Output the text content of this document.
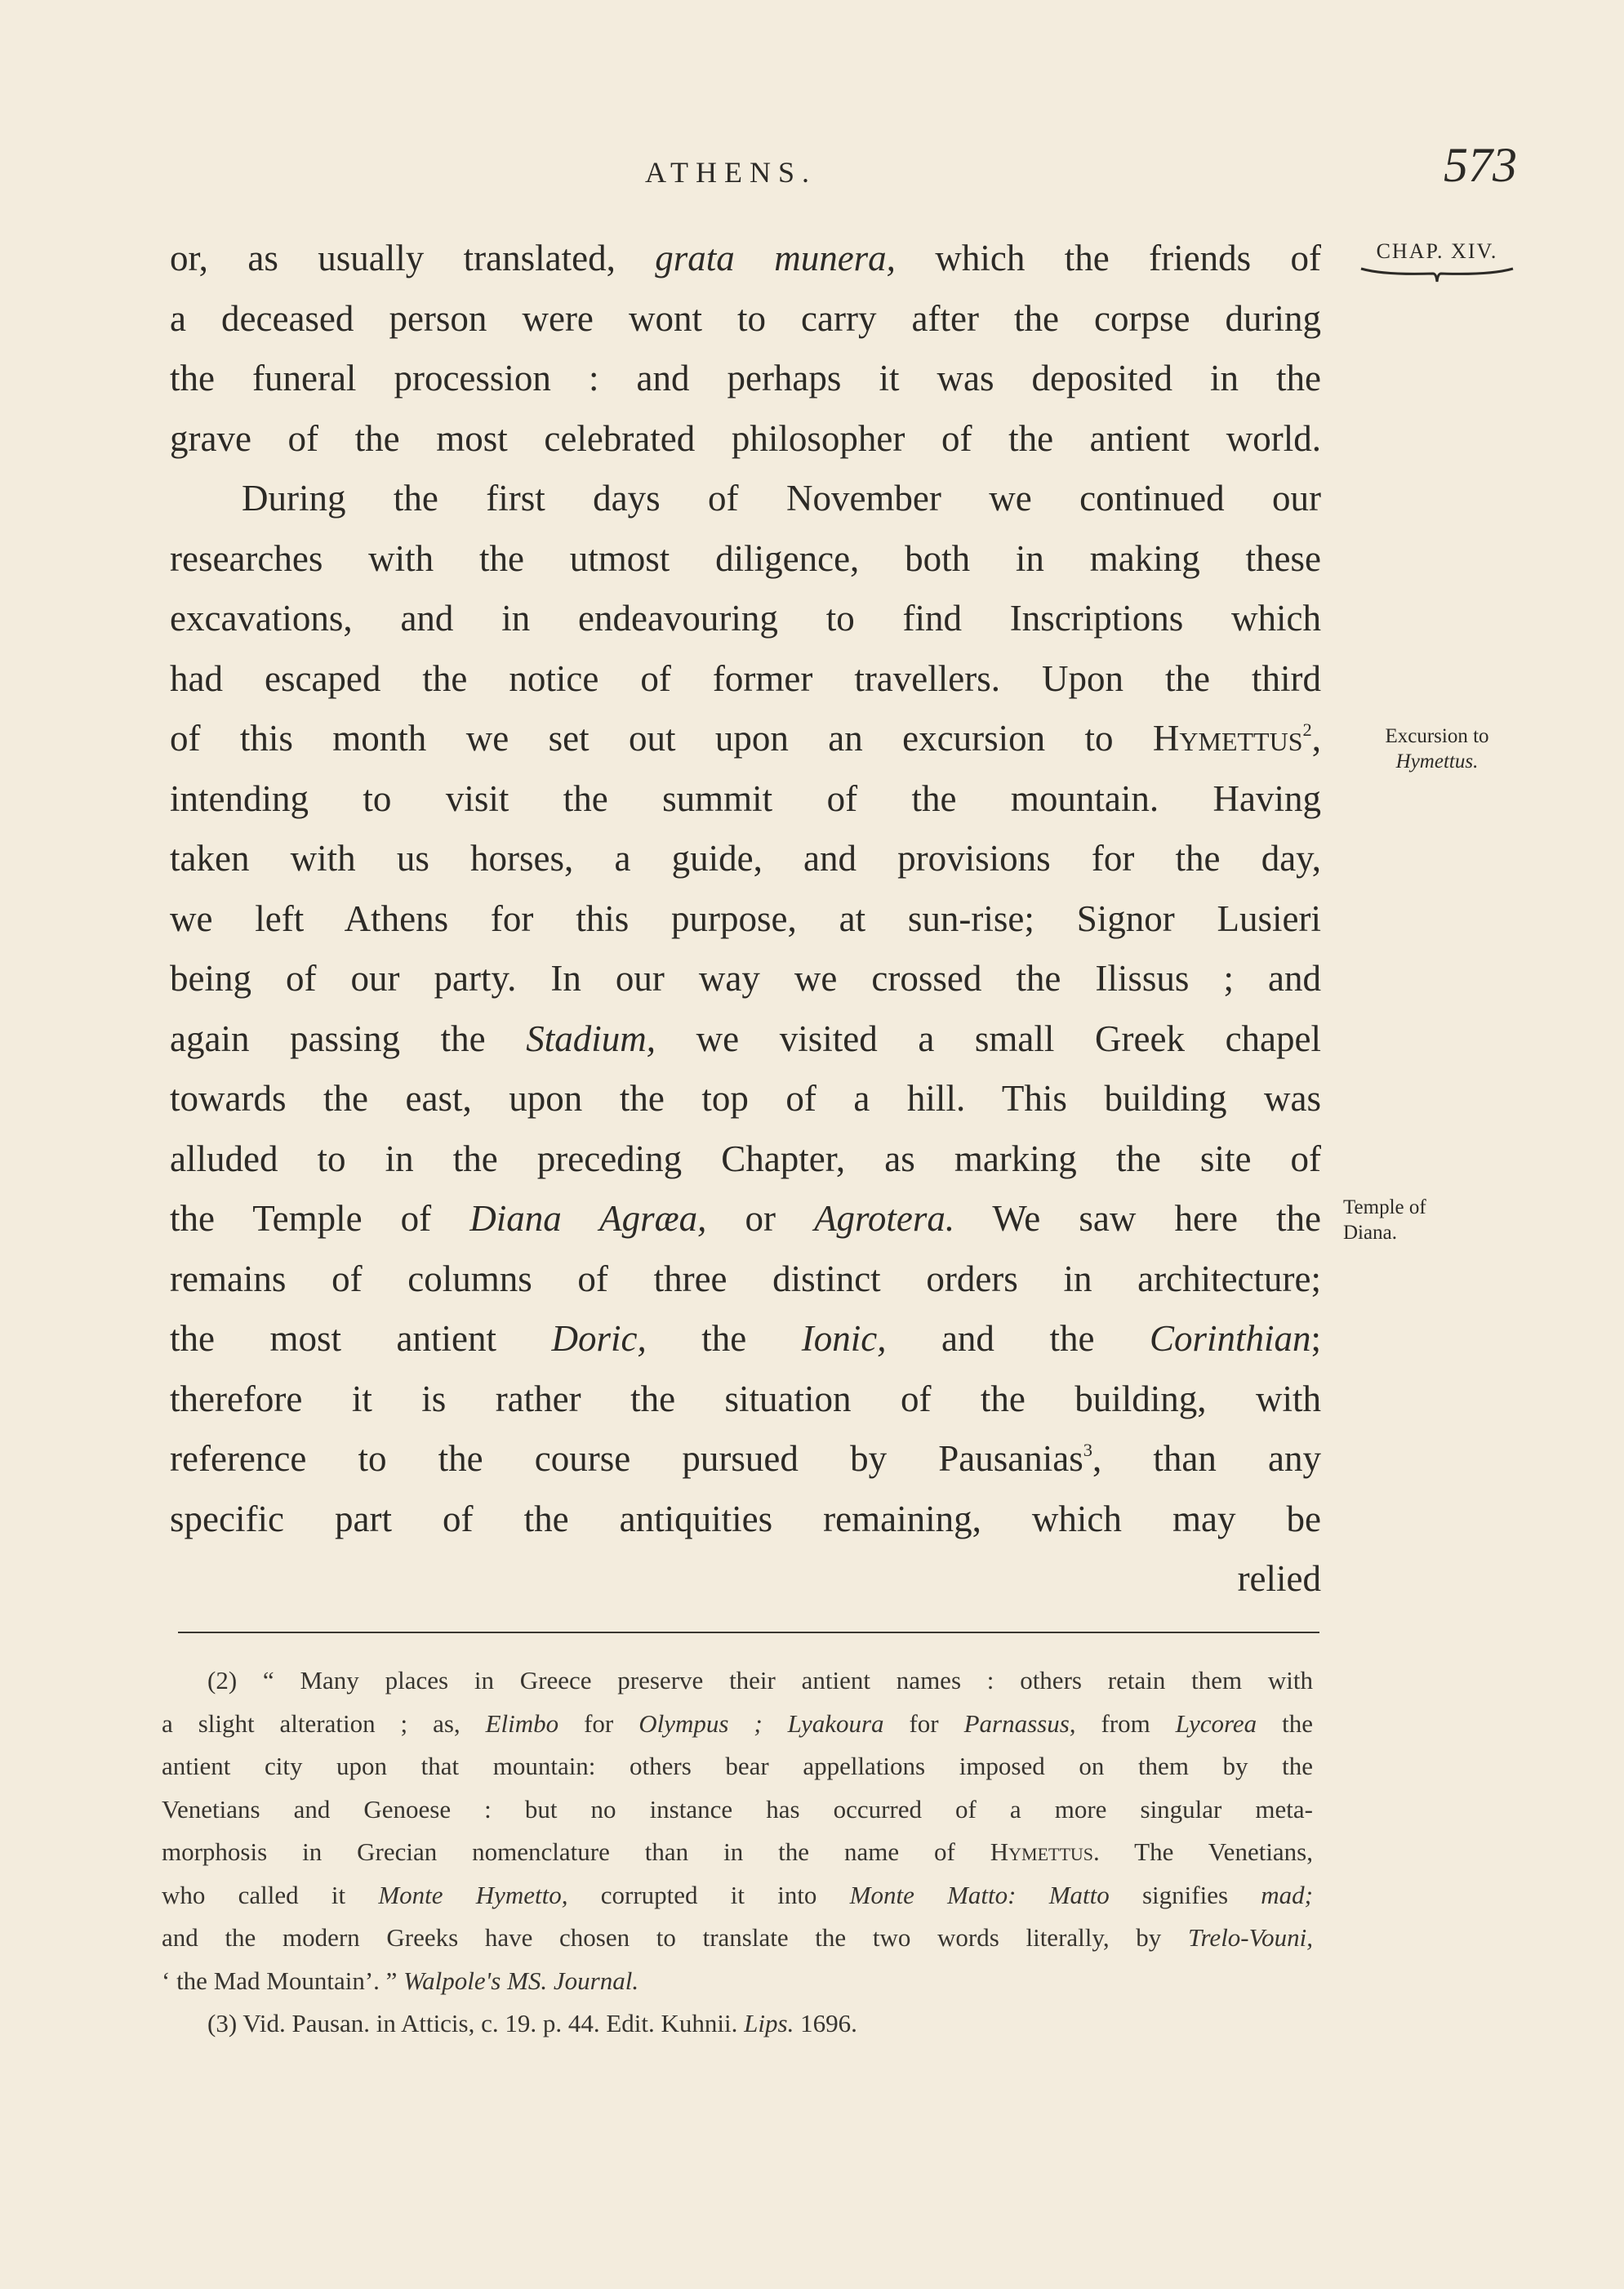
ATHENS.	573
CHAP. XIV.
Excursion to
Hymettus.
Temple of
Diana.
or, as usually translated, grata munera, which the friends of
a deceased person were wont to carry after the corpse during
the funeral procession : and perhaps it was deposited in the
grave of the most celebrated philosopher of the antient world.
During the first days of November we continued our
researches with the utmost diligence, both in making these
excavations, and in endeavouring to find Inscriptions which
had escaped the notice of former travellers. Upon the third
of this month we set out upon an excursion to Hymettus$^2$,
intending to visit the summit of the mountain. Having
taken with us horses, a guide, and provisions for the day,
we left Athens for this purpose, at sun-rise; Signor Lusieri
being of our party. In our way we crossed the Ilissus ; and
again passing the Stadium, we visited a small Greek chapel
towards the east, upon the top of a hill. This building was
alluded to in the preceding Chapter, as marking the site of
the Temple of Diana Agræa, or Agrotera. We saw here the
remains of columns of three distinct orders in architecture;
the most antient Doric, the Ionic, and the Corinthian;
therefore it is rather the situation of the building, with
reference to the course pursued by Pausanias$^3$, than any
specific part of the antiquities remaining, which may be
relied
(2) “ Many places in Greece preserve their antient names : others retain them with
a slight alteration ; as, Elimbo for Olympus ; Lyakoura for Parnassus, from Lycorea the
antient city upon that mountain: others bear appellations imposed on them by the
Venetians and Genoese : but no instance has occurred of a more singular meta-
morphosis in Grecian nomenclature than in the name of Hymettus. The Venetians,
who called it Monte Hymetto, corrupted it into Monte Matto: Matto signifies mad;
and the modern Greeks have chosen to translate the two words literally, by Trelo-Vouni,
‘ the Mad Mountain’. ” Walpole's MS. Journal.
(3) Vid. Pausan. in Atticis, c. 19. p. 44. Edit. Kuhnii. Lips. 1696.
